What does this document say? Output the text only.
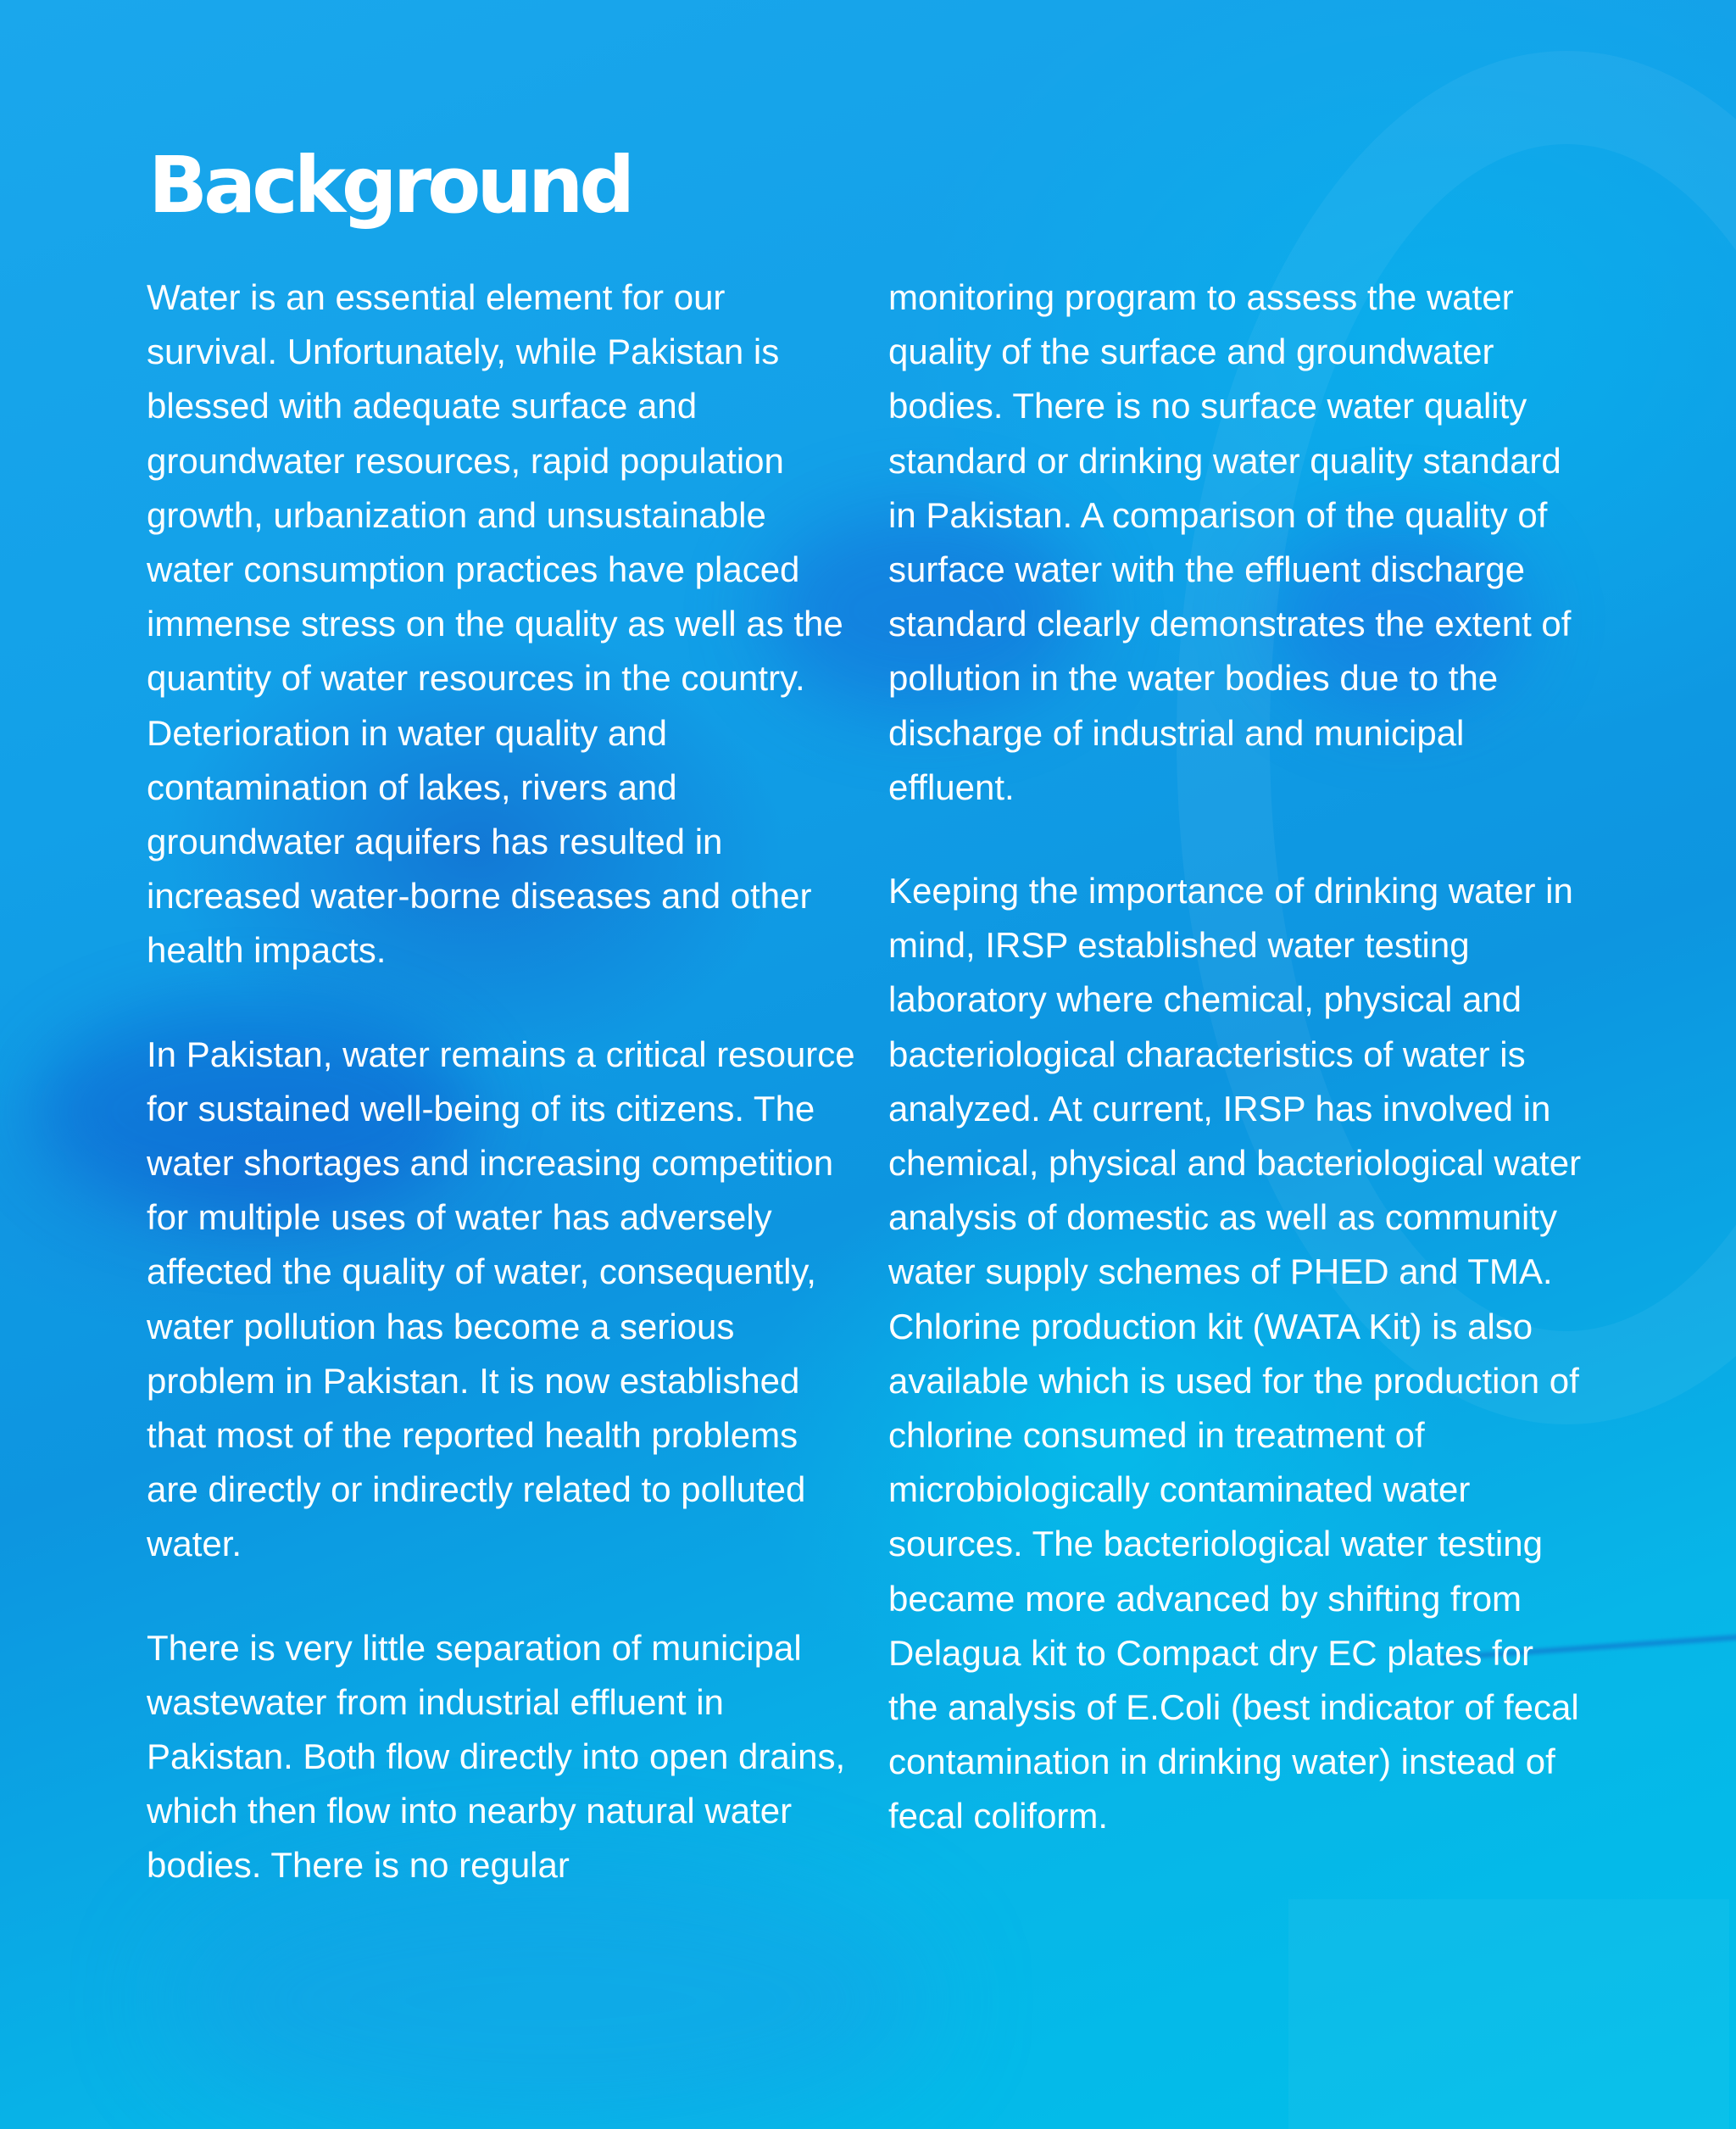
Background

Water is an essential element for our survival. Unfortunately, while Pakistan is blessed with adequate surface and groundwater resources, rapid population growth, urbanization and unsustainable water consumption practices have placed immense stress on the quality as well as the quantity of water resources in the country. Deterioration in water quality and contamination of lakes, rivers and groundwater aquifers has resulted in increased water-borne diseases and other health impacts.

In Pakistan, water remains a critical resource for sustained well-being of its citizens. The water shortages and increasing competition for multiple uses of water has adversely affected the quality of water, consequently, water pollution has become a serious problem in Pakistan. It is now established that most of the reported health problems are directly or indirectly related to polluted water.

There is very little separation of municipal wastewater from industrial effluent in Pakistan. Both flow directly into open drains, which then flow into nearby natural water bodies. There is no regular

monitoring program to assess the water quality of the surface and groundwater bodies. There is no surface water quality standard or drinking water quality standard in Pakistan. A comparison of the quality of surface water with the effluent discharge standard clearly demonstrates the extent of pollution in the water bodies due to the discharge of industrial and municipal effluent.

Keeping the importance of drinking water in mind, IRSP established water testing laboratory where chemical, physical and bacteriological characteristics of water is analyzed. At current, IRSP has involved in chemical, physical and bacteriological water analysis of domestic as well as community water supply schemes of PHED and TMA. Chlorine production kit (WATA Kit) is also available which is used for the production of chlorine consumed in treatment of microbiologically contaminated water sources. The bacteriological water testing became more advanced by shifting from Delagua kit to Compact dry EC plates for the analysis of E.Coli (best indicator of fecal contamination in drinking water) instead of fecal coliform.
